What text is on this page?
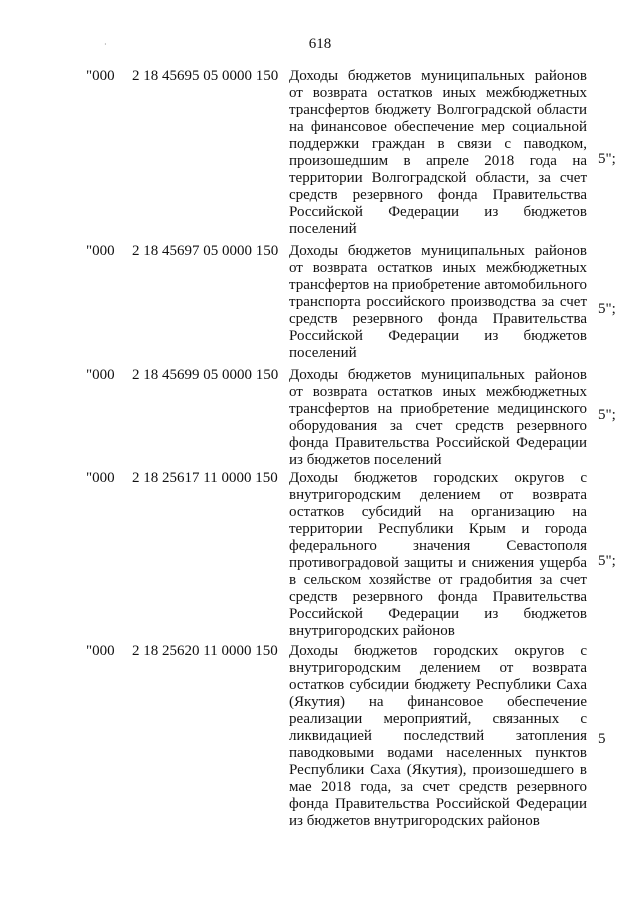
·	618
"000 2 18 45695 05 0000 150 Доходы бюджетов муниципальных районов
от возврата остатков иных межбюджетных
трансфертов бюджету Волгоградской области
на финансовое обеспечение мер социальной
поддержки граждан в связи с паводком,
произошедшим в апреле 2018 года на
территории Волгоградской области, за счет
средств резервного фонда Правительства
Российской Федерации из бюджетов
поселений
5";
"000 2 18 45697 05 0000 150 Доходы бюджетов муниципальных районов
от возврата остатков иных межбюджетных
трансфертов на приобретение автомобильного
транспорта российского производства за счет
средств резервного фонда Правительства
Российской Федерации из бюджетов
поселений
5";
"000 2 18 45699 05 0000 150 Доходы бюджетов муниципальных районов
от возврата остатков иных межбюджетных
трансфертов на приобретение медицинского
оборудования за счет средств резервного
фонда Правительства Российской Федерации
из бюджетов поселений
5";
"000 2 18 25617 11 0000 150 Доходы бюджетов городских округов с
внутригородским делением от возврата
остатков субсидий на организацию на
территории Республики Крым и города
федерального значения Севастополя
противоградовой защиты и снижения ущерба
в сельском хозяйстве от градобития за счет
средств резервного фонда Правительства
Российской Федерации из бюджетов
внутригородских районов
5";
"000 2 18 25620 11 0000 150 Доходы бюджетов городских округов с
внутригородским делением от возврата
остатков субсидии бюджету Республики Саха
(Якутия) на финансовое обеспечение
реализации мероприятий, связанных с
ликвидацией последствий затопления
паводковыми водами населенных пунктов
Республики Саха (Якутия), произошедшего в
мае 2018 года, за счет средств резервного
фонда Правительства Российской Федерации
из бюджетов внутригородских районов
5
